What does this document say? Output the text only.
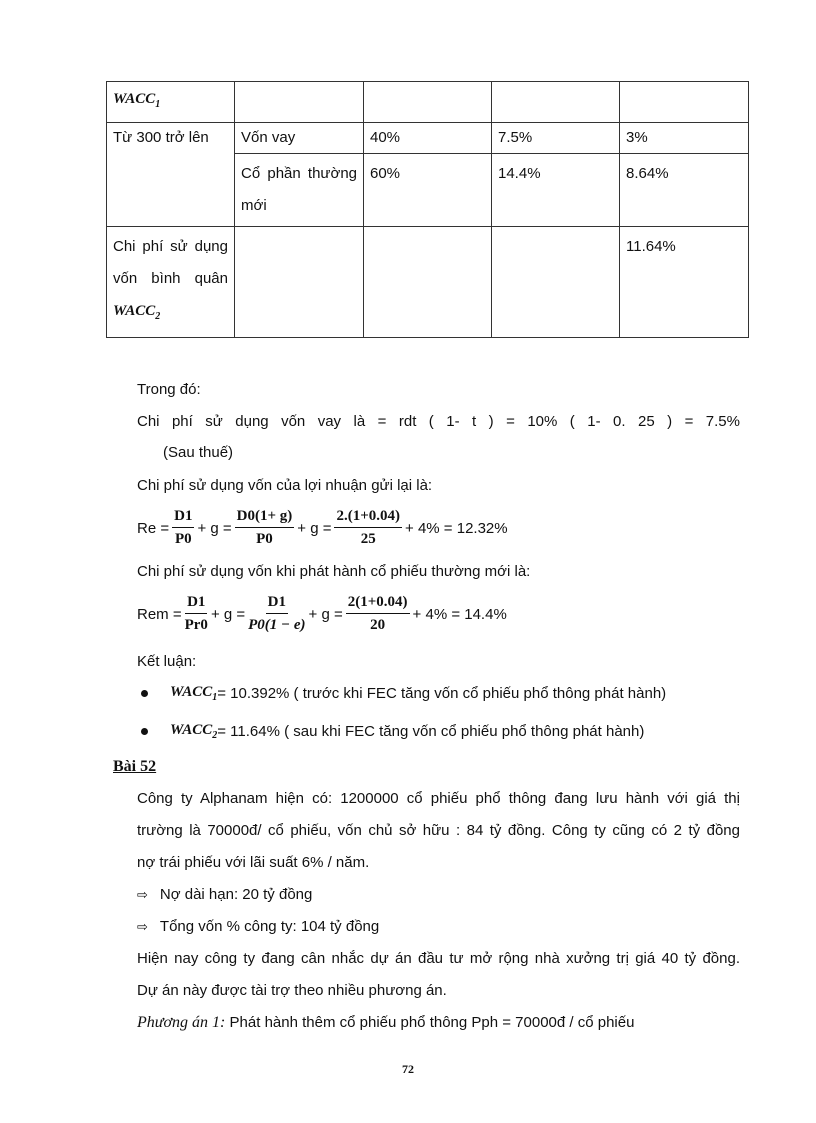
$WACC_1$				
Từ 300 trở lên	Vốn vay	40%	7.5%	3%

	Cổ phần thường
mới	60%	14.4%	8.64%

Chi phí sử dụng
vốn bình quân
$WACC_2$				11.64%
Trong đó:
Chi phí sử dụng vốn vay là = rdt ( 1- t ) = 10% ( 1- 0. 25 ) = 7.5%
(Sau thuế)
Chi phí sử dụng vốn của lợi nhuận gửi lại là:
$Re = \frac{D1}{P0} + g = \frac{D0(1+ g)}{P0} + g = \frac{2.(1+0.04)}{25} + 4\% = 12.32\%$
Chi phí sử dụng vốn khi phát hành cổ phiếu thường mới là:
Rem = $\frac{D1}{Pr0} + g = \frac{D1}{P0(1 - e)} + g = \frac{2(1+0.04)}{20} + 4\% = 14.4\%$
Kết luận:
$WACC_1 = 10.392\%$ ( trước khi FEC tăng vốn cổ phiếu phổ thông phát hành)
$WACC_2 = 11.64\%$ ( sau khi FEC tăng vốn cổ phiếu phổ thông phát hành)
Bài 52
Công ty Alphanam hiện có: 1200000 cổ phiếu phổ thông đang lưu hành với giá thị
trường là 70000đ/ cổ phiếu, vốn chủ sở hữu : 84 tỷ đồng. Công ty cũng có 2 tỷ đồng
nợ trái phiếu với lãi suất 6% / năm.
⇨ Nợ dài hạn: 20 tỷ đồng
⇨ Tổng vốn % công ty: 104 tỷ đồng
Hiện nay công ty đang cân nhắc dự án đầu tư mở rộng nhà xưởng trị giá 40 tỷ đồng.
Dự án này được tài trợ theo nhiều phương án.
Phương án 1: Phát hành thêm cổ phiếu phổ thông Pph = 70000đ / cổ phiếu
72
